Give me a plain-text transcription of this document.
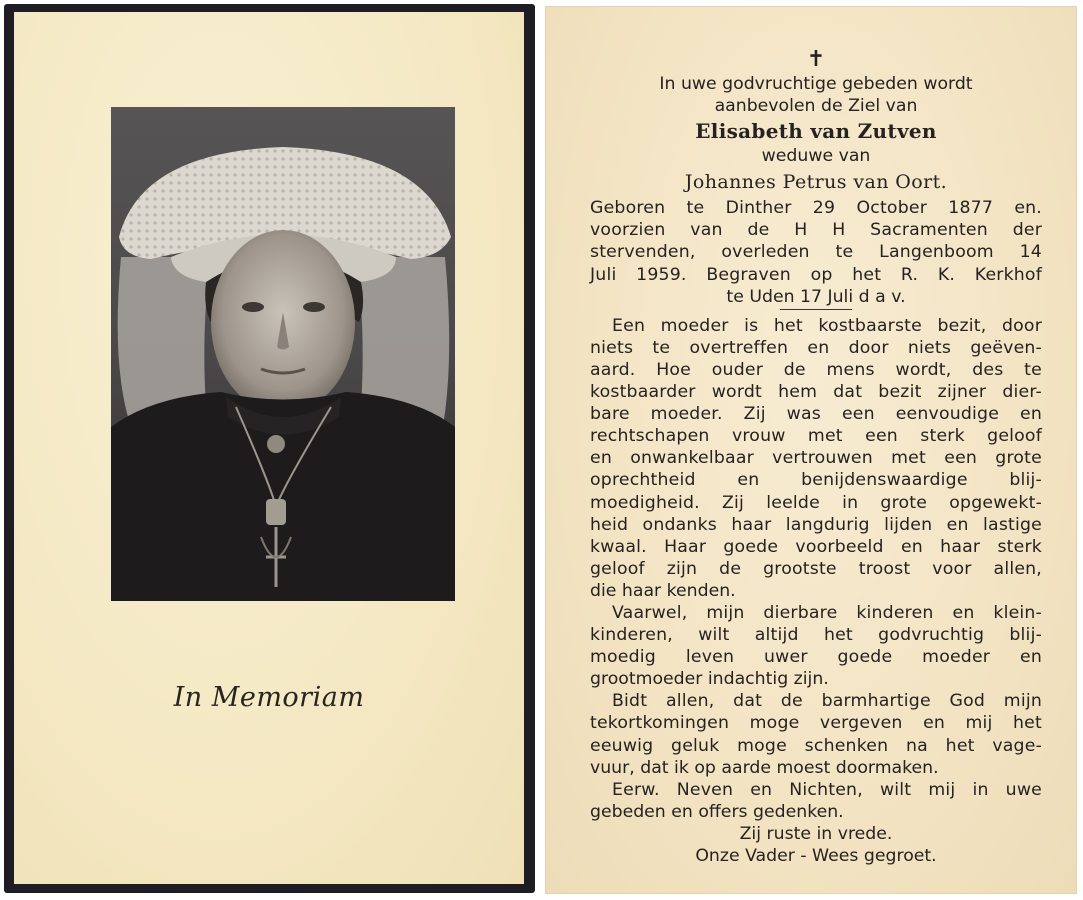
In Memoriam
✝
In uwe godvruchtige gebeden wordt
aanbevolen de Ziel van
Elisabeth van Zutven
weduwe van
Johannes Petrus van Oort.
Geboren te Dinther 29 October 1877 en.
voorzien van de H H Sacramenten der
stervenden, overleden te Langenboom 14
Juli 1959. Begraven op het R. K. Kerkhof
te Uden 17 Juli d a v.
Een moeder is het kostbaarste bezit, door
niets te overtreffen en door niets geëven-
aard. Hoe ouder de mens wordt, des te
kostbaarder wordt hem dat bezit zijner dier-
bare moeder. Zij was een eenvoudige en
rechtschapen vrouw met een sterk geloof
en onwankelbaar vertrouwen met een grote
oprechtheid en benijdenswaardige blij-
moedigheid. Zij leelde in grote opgewekt-
heid ondanks haar langdurig lijden en lastige
kwaal. Haar goede voorbeeld en haar sterk
geloof zijn de grootste troost voor allen,
die haar kenden.
Vaarwel, mijn dierbare kinderen en klein-
kinderen, wilt altijd het godvruchtig blij-
moedig leven uwer goede moeder en
grootmoeder indachtig zijn.
Bidt allen, dat de barmhartige God mijn
tekortkomingen moge vergeven en mij het
eeuwig geluk moge schenken na het vage-
vuur, dat ik op aarde moest doormaken.
Eerw. Neven en Nichten, wilt mij in uwe
gebeden en offers gedenken.
Zij ruste in vrede.
Onze Vader - Wees gegroet.
